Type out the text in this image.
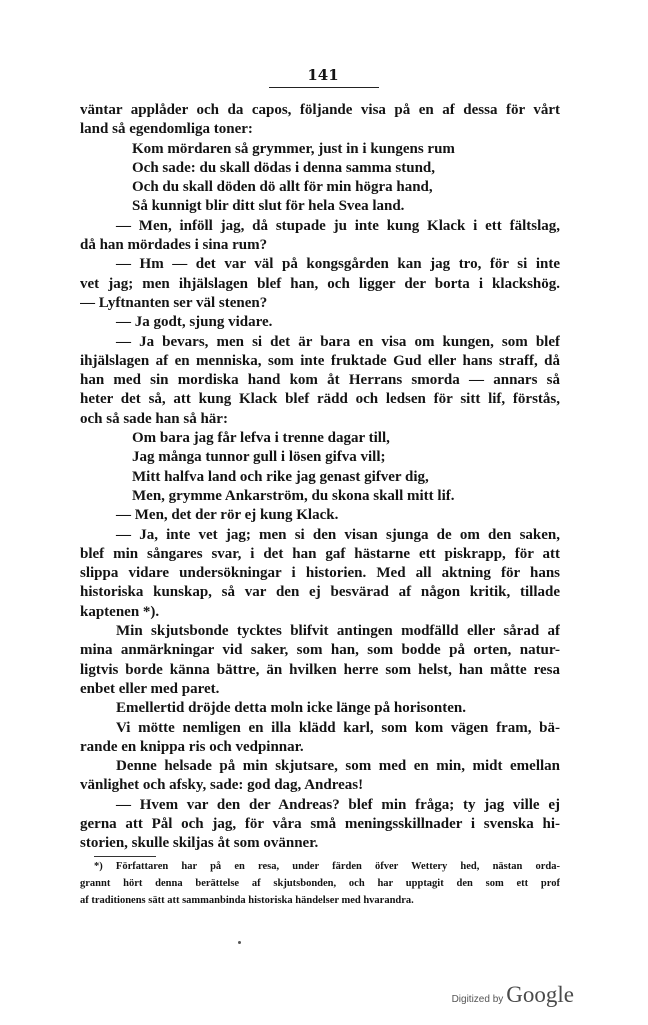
141
väntar applåder och da capos, följande visa på en af dessa för vårt
land så egendomliga toner:
Kom mördaren så grymmer, just in i kungens rum
Och sade: du skall dödas i denna samma stund,
Och du skall döden dö allt för min högra hand,
Så kunnigt blir ditt slut för hela Svea land.
— Men, inföll jag, då stupade ju inte kung Klack i ett fältslag,
då han mördades i sina rum?
— Hm — det var väl på kongsgården kan jag tro, för si inte
vet jag; men ihjälslagen blef han, och ligger der borta i klackshög.
— Lyftnanten ser väl stenen?
— Ja godt, sjung vidare.
— Ja bevars, men si det är bara en visa om kungen, som blef
ihjälslagen af en menniska, som inte fruktade Gud eller hans straff, då
han med sin mordiska hand kom åt Herrans smorda — annars så
heter det så, att kung Klack blef rädd och ledsen för sitt lif, förstås,
och så sade han så här:
Om bara jag får lefva i trenne dagar till,
Jag många tunnor gull i lösen gifva vill;
Mitt halfva land och rike jag genast gifver dig,
Men, grymme Ankarström, du skona skall mitt lif.
— Men, det der rör ej kung Klack.
— Ja, inte vet jag; men si den visan sjunga de om den saken,
blef min sångares svar, i det han gaf hästarne ett piskrapp, för att
slippa vidare undersökningar i historien. Med all aktning för hans
historiska kunskap, så var den ej besvärad af någon kritik, tillade
kaptenen *).
Min skjutsbonde tycktes blifvit antingen modfälld eller sårad af
mina anmärkningar vid saker, som han, som bodde på orten, natur-
ligtvis borde känna bättre, än hvilken herre som helst, han måtte resa
enbet eller med paret.
Emellertid dröjde detta moln icke länge på horisonten.
Vi mötte nemligen en illa klädd karl, som kom vägen fram, bä-
rande en knippa ris och vedpinnar.
Denne helsade på min skjutsare, som med en min, midt emellan
vänlighet och afsky, sade: god dag, Andreas!
— Hvem var den der Andreas? blef min fråga; ty jag ville ej
gerna att Pål och jag, för våra små meningsskillnader i svenska hi-
storien, skulle skiljas åt som ovänner.
*) Författaren har på en resa, under färden öfver Wettery hed, nästan orda-
grannt hört denna berättelse af skjutsbonden, och har upptagit den som ett prof
af traditionens sätt att sammanbinda historiska händelser med hvarandra.
Digitized by Google
